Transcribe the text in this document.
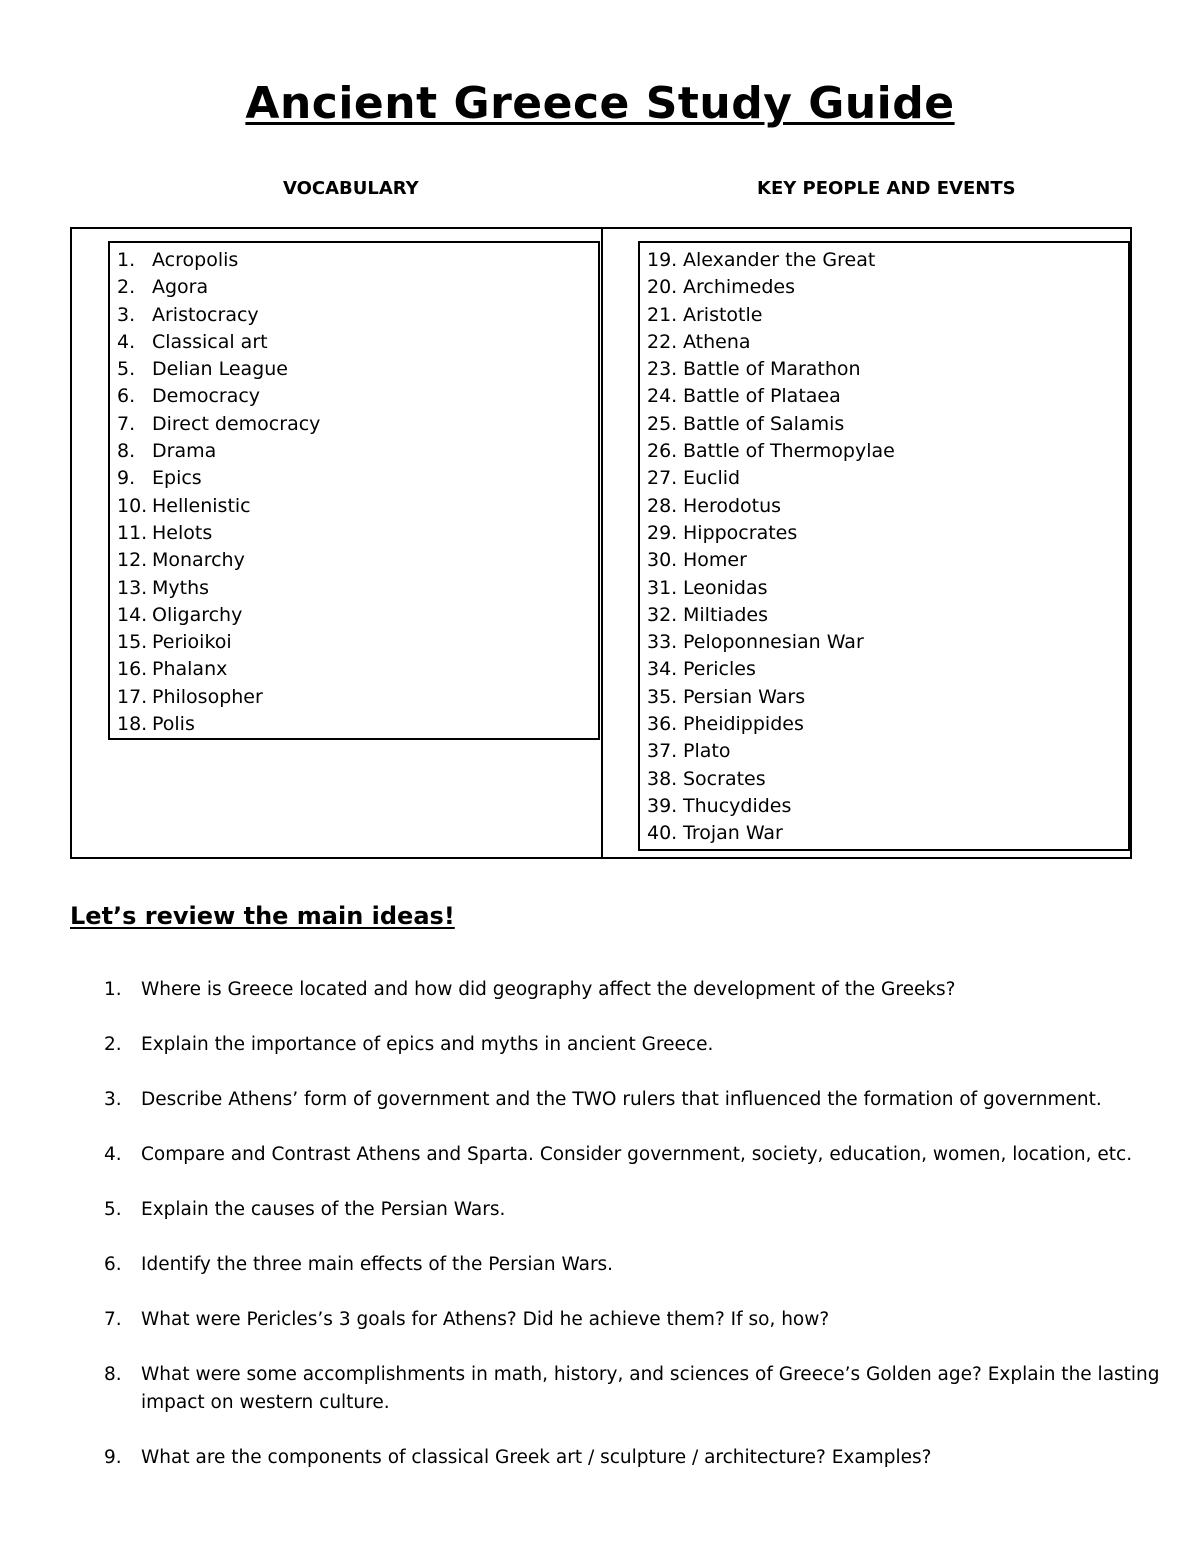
Ancient Greece Study Guide
VOCABULARY	KEY PEOPLE AND EVENTS
1. Acropolis
2. Agora
3. Aristocracy
4. Classical art
5. Delian League
6. Democracy
7. Direct democracy
8. Drama
9. Epics
10. Hellenistic
11. Helots
12. Monarchy
13. Myths
14. Oligarchy
15. Perioikoi
16. Phalanx
17. Philosopher
18. Polis
19. Alexander the Great
20. Archimedes
21. Aristotle
22. Athena
23. Battle of Marathon
24. Battle of Plataea
25. Battle of Salamis
26. Battle of Thermopylae
27. Euclid
28. Herodotus
29. Hippocrates
30. Homer
31. Leonidas
32. Miltiades
33. Peloponnesian War
34. Pericles
35. Persian Wars
36. Pheidippides
37. Plato
38. Socrates
39. Thucydides
40. Trojan War
Let’s review the main ideas!
1. Where is Greece located and how did geography affect the development of the Greeks?
2. Explain the importance of epics and myths in ancient Greece.
3. Describe Athens’ form of government and the TWO rulers that influenced the formation of government.
4. Compare and Contrast Athens and Sparta. Consider government, society, education, women, location, etc.
5. Explain the causes of the Persian Wars.
6. Identify the three main effects of the Persian Wars.
7. What were Pericles’s 3 goals for Athens? Did he achieve them? If so, how?
8. What were some accomplishments in math, history, and sciences of Greece’s Golden age? Explain the lasting impact on western culture.
9. What are the components of classical Greek art / sculpture / architecture? Examples?
